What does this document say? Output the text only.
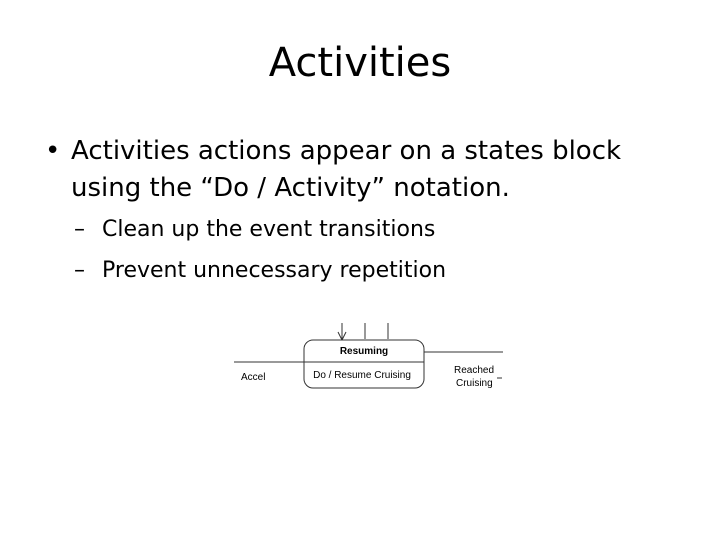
Activities
• Activities actions appear on a states block using the “Do / Activity” notation.
– Clean up the event transitions
– Prevent unnecessary repetition
Resuming
Do / Resume Cruising
Accel
Reached
Cruising
